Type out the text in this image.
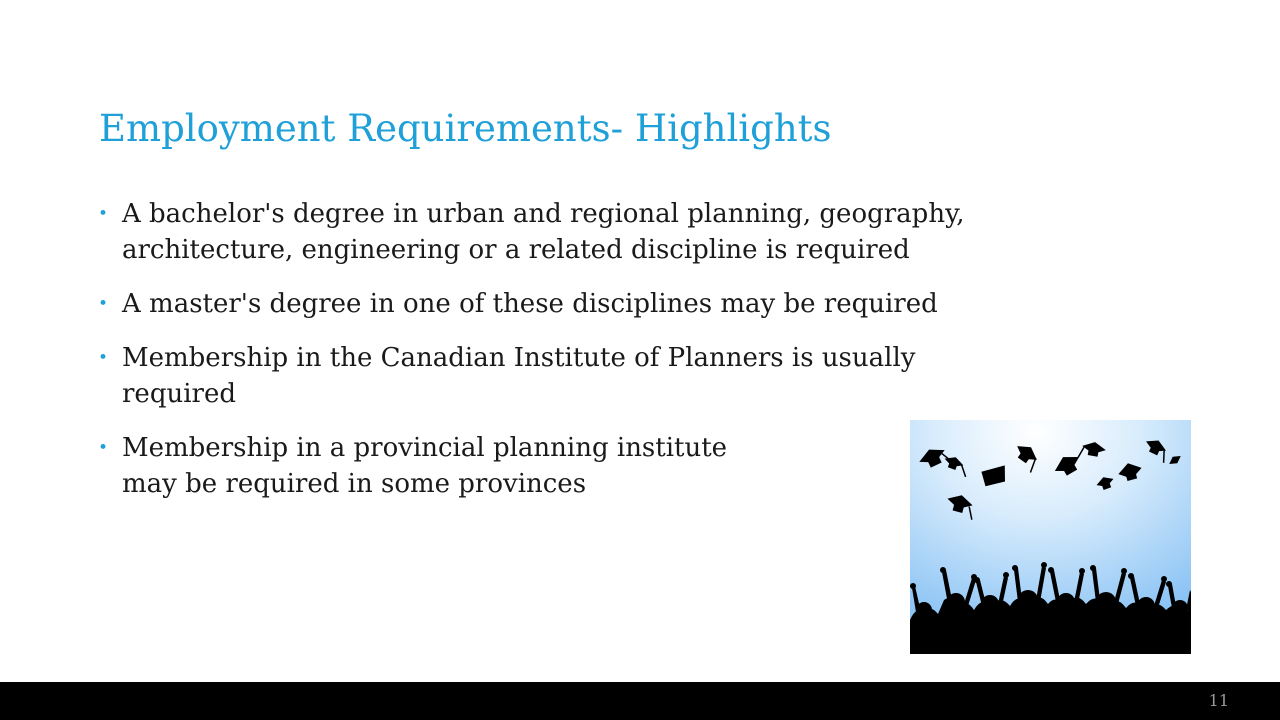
Employment Requirements- Highlights
• A bachelor's degree in urban and regional planning, geography,
architecture, engineering or a related discipline is required
• A master's degree in one of these disciplines may be required
• Membership in the Canadian Institute of Planners is usually
required
• Membership in a provincial planning institute
may be required in some provinces
11
